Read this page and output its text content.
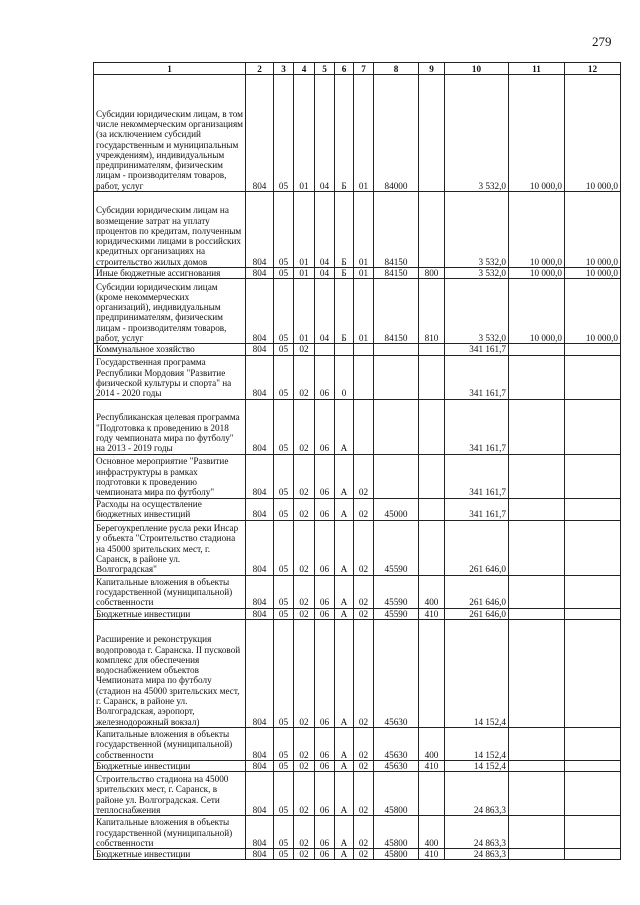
279
1	2	3	4	5	6	7	8	9	10	11	12
Субсидии юридическим лицам, в том числе некоммерческим организациям (за исключением субсидий государственным и муниципальным учреждениям), индивидуальным предпринимателям, физическим лицам - производителям товаров, работ, услуг	804	05	01	04	Б	01	84000		3 532,0	10 000,0	10 000,0
Субсидии юридическим лицам на возмещение затрат на уплату процентов по кредитам, полученным юридическими лицами в российских кредитных организациях на строительство жилых домов	804	05	01	04	Б	01	84150		3 532,0	10 000,0	10 000,0
Иные бюджетные ассигнования	804	05	01	04	Б	01	84150	800	3 532,0	10 000,0	10 000,0
Субсидии юридическим лицам (кроме некоммерческих организаций), индивидуальным предпринимателям, физическим лицам - производителям товаров, работ, услуг	804	05	01	04	Б	01	84150	810	3 532,0	10 000,0	10 000,0
Коммунальное хозяйство	804	05	02						341 161,7		
Государственная программа Республики Мордовия "Развитие физической культуры и спорта" на 2014 - 2020 годы	804	05	02	06	0				341 161,7		
Республиканская целевая программа "Подготовка к проведению в 2018 году чемпионата мира по футболу" на 2013 - 2019 годы	804	05	02	06	А				341 161,7		
Основное мероприятие "Развитие инфраструктуры в рамках подготовки к проведению чемпионата мира по футболу"	804	05	02	06	А	02			341 161,7		
Расходы на осуществление бюджетных инвестиций	804	05	02	06	А	02	45000		341 161,7		
Берегоукрепление русла реки Инсар у объекта "Строительство стадиона на 45000 зрительских мест, г. Саранск, в районе ул. Волгоградская"	804	05	02	06	А	02	45590		261 646,0		
Капитальные вложения в объекты государственной (муниципальной) собственности	804	05	02	06	А	02	45590	400	261 646,0		
Бюджетные инвестиции	804	05	02	06	А	02	45590	410	261 646,0		
Расширение и реконструкция водопровода г. Саранска. II пусковой комплекс для обеспечения водоснабжением объектов Чемпионата мира по футболу (стадион на 45000 зрительских мест, г. Саранск, в районе ул. Волгоградская, аэропорт, железнодорожный вокзал)	804	05	02	06	А	02	45630		14 152,4		
Капитальные вложения в объекты государственной (муниципальной) собственности	804	05	02	06	А	02	45630	400	14 152,4		
Бюджетные инвестиции	804	05	02	06	А	02	45630	410	14 152,4		
Строительство стадиона на 45000 зрительских мест, г. Саранск, в районе ул. Волгоградская. Сети теплоснабжения	804	05	02	06	А	02	45800		24 863,3		
Капитальные вложения в объекты государственной (муниципальной) собственности	804	05	02	06	А	02	45800	400	24 863,3		
Бюджетные инвестиции	804	05	02	06	А	02	45800	410	24 863,3		
